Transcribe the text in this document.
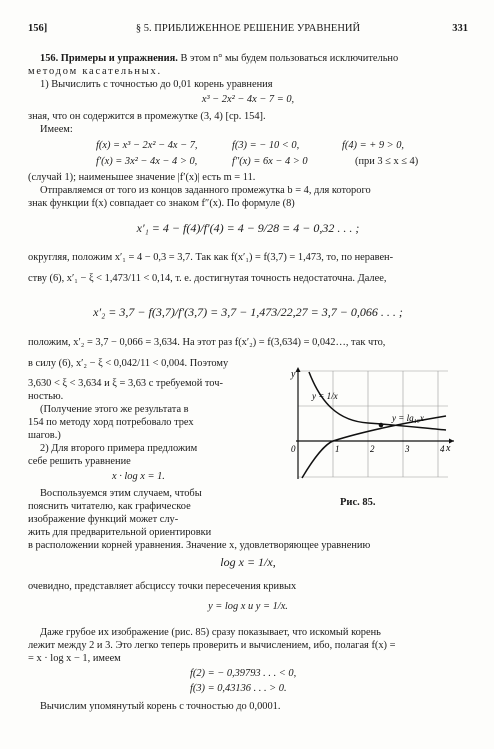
156]	§ 5. ПРИБЛИЖЕННОЕ РЕШЕНИЕ УРАВНЕНИЙ	331
156. Примеры и упражнения. В этом n° мы будем пользоваться исключительно
методом касательных.
1) Вычислить с точностью до 0,01 корень уравнения
x³ − 2x² − 4x − 7 = 0,
зная, что он содержится в промежутке (3, 4) [ср. 154].
Имеем:
f(x) = x³ − 2x² − 4x − 7,	f(3) = − 10 < 0,	f(4) = + 9 > 0,
f′(x) = 3x² − 4x − 4 > 0,	f″(x) = 6x − 4 > 0	(при 3 ≤ x ≤ 4)
(случай 1); наименьшее значение |f′(x)| есть m = 11.
Отправляемся от того из концов заданного промежутка b = 4, для которого
знак функции f(x) совпадает со знаком f″(x). По формуле (8)
x′₁ = 4 − f(4)/f′(4) = 4 − 9/28 = 4 − 0,32 . . . ;
округляя, положим x′₁ = 4 − 0,3 = 3,7. Так как f(x′₁) = f(3,7) = 1,473, то, по неравен-
ству (6), x′₁ − ξ < 1,473/11 < 0,14, т. е. достигнутая точность недостаточна. Далее,
x′₂ = 3,7 − f(3,7)/f′(3,7) = 3,7 − 1,473/22,27 = 3,7 − 0,066 . . . ;
положим, x′₂ = 3,7 − 0,066 = 3,634. На этот раз f(x′₂) = f(3,634) = 0,042…, так что,
в силу (6), x′₂ − ξ < 0,042/11 < 0,004. Поэтому
3,630 < ξ < 3,634 и ξ = 3,63 с требуемой точ-
ностью.
(Получение этого же результата в
154 по методу хорд потребовало трех
шагов.)
2) Для второго примера предложим
себе решить уравнение
x · log x = 1.
Воспользуемся этим случаем, чтобы
пояснить читателю, как графическое
изображение функций может слу-
жить для предварительной ориентировки
в расположении корней уравнения. Значение x, удовлетворяющее уравнению
log x = 1/x,
очевидно, представляет абсциссу точки пересечения кривых
y = log x и y = 1/x.
Даже грубое их изображение (рис. 85) сразу показывает, что искомый корень
лежит между 2 и 3. Это легко теперь проверить и вычислением, ибо, полагая f(x) =
= x · log x − 1, имеем
f(2) = − 0,39793 . . . < 0,
f(3) = 0,43136 . . . > 0.
Вычислим упомянутый корень с точностью до 0,0001.
y
x
y = 1/x
y = lg₁₀x
0	1	2	3	4
Рис. 85.
